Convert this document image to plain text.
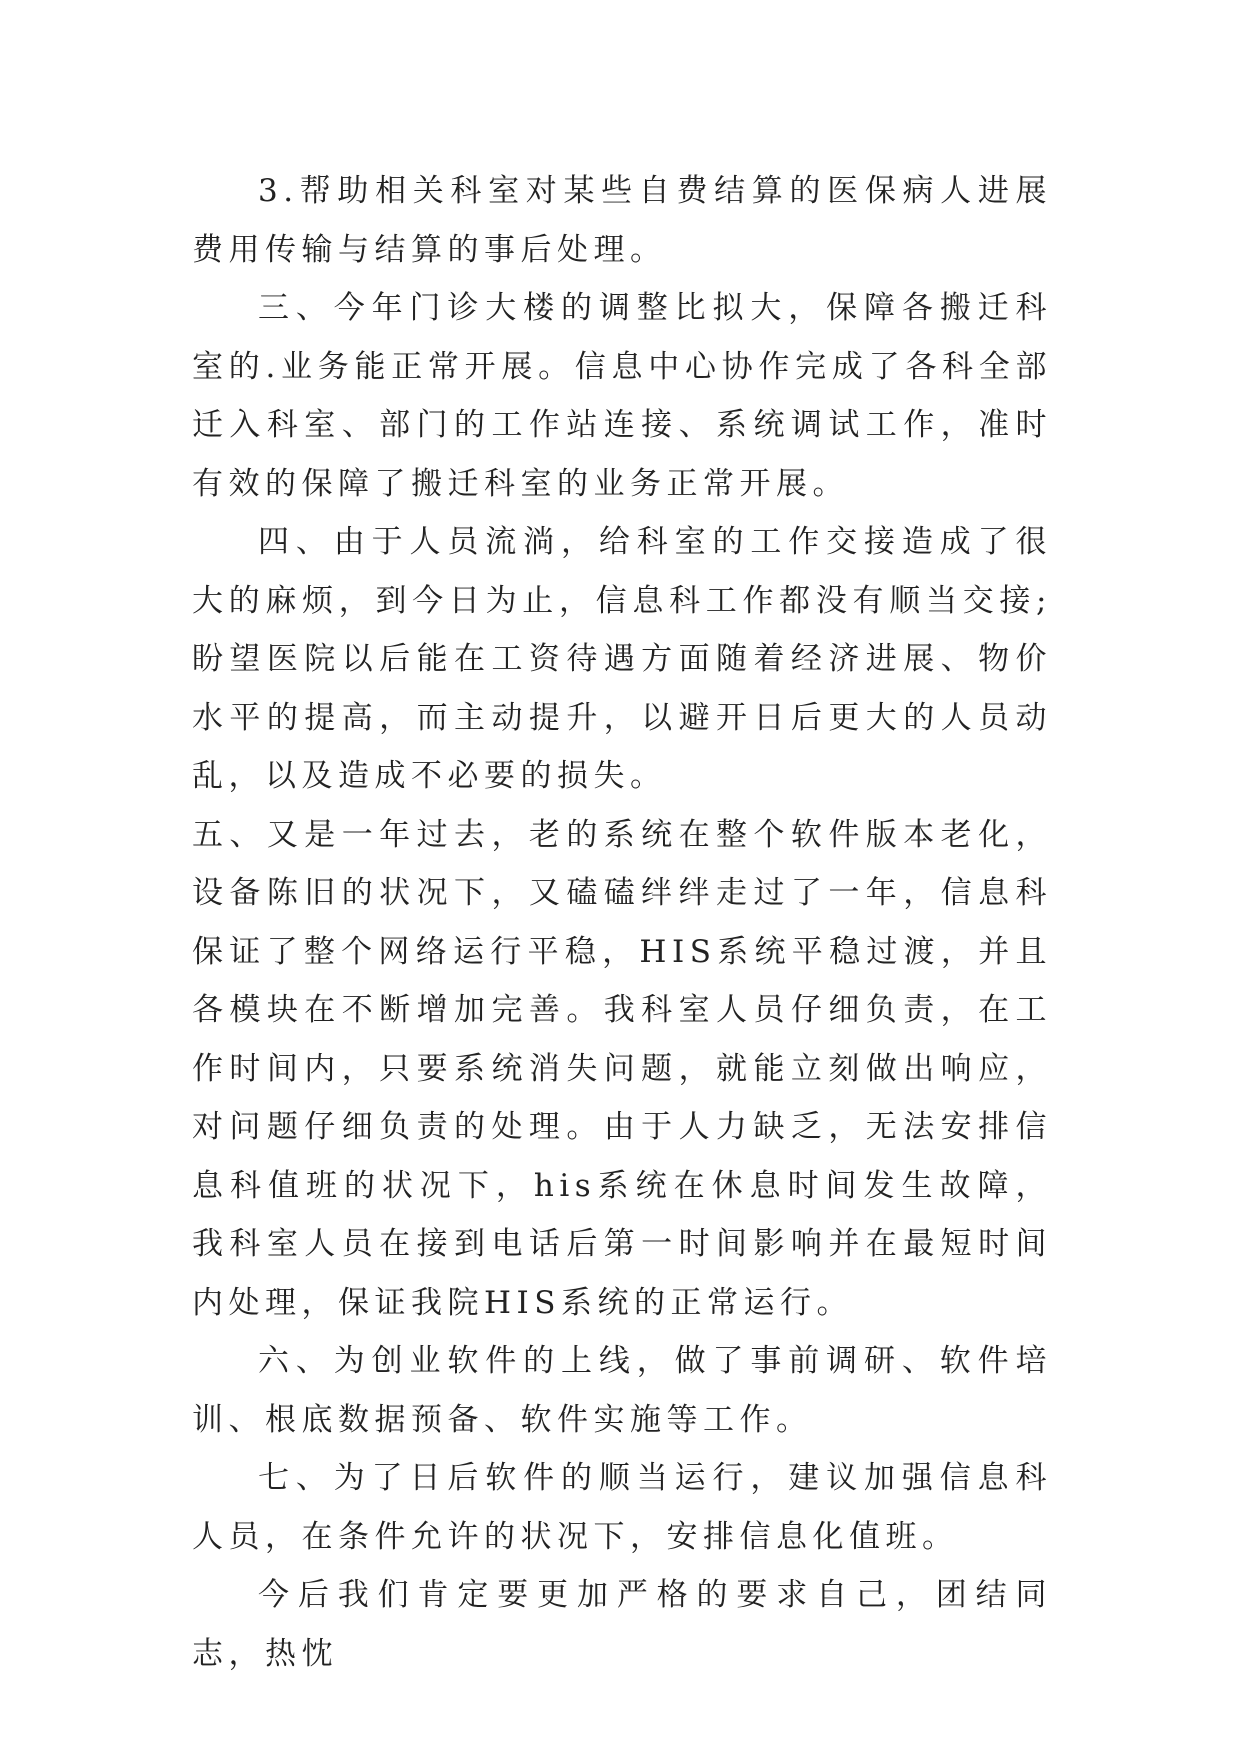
3.帮助相关科室对某些自费结算的医保病人进展费用传输与结算的事后处理。

三、今年门诊大楼的调整比拟大，保障各搬迁科室的.业务能正常开展。信息中心协作完成了各科全部迁入科室、部门的工作站连接、系统调试工作，准时有效的保障了搬迁科室的业务正常开展。

四、由于人员流淌，给科室的工作交接造成了很大的麻烦，到今日为止，信息科工作都没有顺当交接;盼望医院以后能在工资待遇方面随着经济进展、物价水平的提高，而主动提升，以避开日后更大的人员动乱，以及造成不必要的损失。

五、又是一年过去，老的系统在整个软件版本老化，设备陈旧的状况下，又磕磕绊绊走过了一年，信息科保证了整个网络运行平稳，HIS系统平稳过渡，并且各模块在不断增加完善。我科室人员仔细负责，在工作时间内，只要系统消失问题，就能立刻做出响应，对问题仔细负责的处理。由于人力缺乏，无法安排信息科值班的状况下，his系统在休息时间发生故障，我科室人员在接到电话后第一时间影响并在最短时间内处理，保证我院HIS系统的正常运行。

六、为创业软件的上线，做了事前调研、软件培训、根底数据预备、软件实施等工作。

七、为了日后软件的顺当运行，建议加强信息科人员，在条件允许的状况下，安排信息化值班。

今后我们肯定要更加严格的要求自己，团结同志，热忱
